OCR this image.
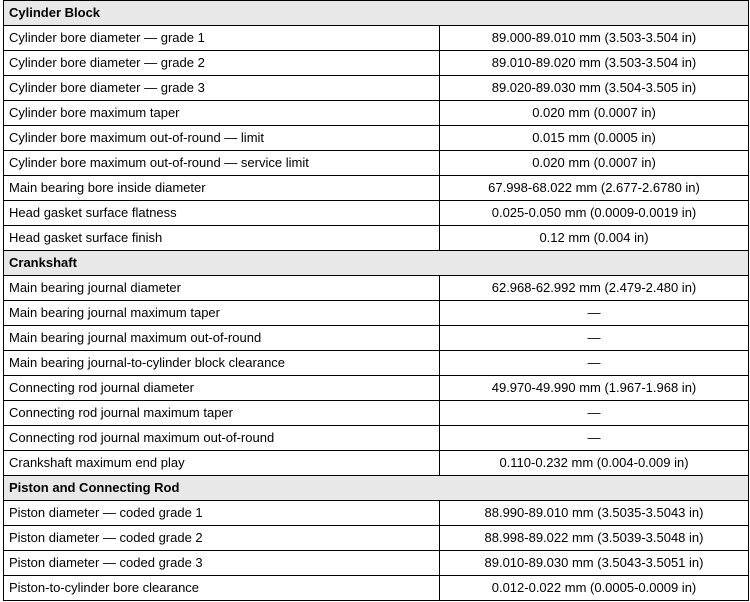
Cylinder Block	
Cylinder bore diameter — grade 1	89.000-89.010 mm (3.503-3.504 in)
Cylinder bore diameter — grade 2	89.010-89.020 mm (3.503-3.504 in)
Cylinder bore diameter — grade 3	89.020-89.030 mm (3.504-3.505 in)
Cylinder bore maximum taper	0.020 mm (0.0007 in)
Cylinder bore maximum out-of-round — limit	0.015 mm (0.0005 in)
Cylinder bore maximum out-of-round — service limit	0.020 mm (0.0007 in)
Main bearing bore inside diameter	67.998-68.022 mm (2.677-2.6780 in)
Head gasket surface flatness	0.025-0.050 mm (0.0009-0.0019 in)
Head gasket surface finish	0.12 mm (0.004 in)
Crankshaft	
Main bearing journal diameter	62.968-62.992 mm (2.479-2.480 in)
Main bearing journal maximum taper	—
Main bearing journal maximum out-of-round	—
Main bearing journal-to-cylinder block clearance	—
Connecting rod journal diameter	49.970-49.990 mm (1.967-1.968 in)
Connecting rod journal maximum taper	—
Connecting rod journal maximum out-of-round	—
Crankshaft maximum end play	0.110-0.232 mm (0.004-0.009 in)
Piston and Connecting Rod	
Piston diameter — coded grade 1	88.990-89.010 mm (3.5035-3.5043 in)
Piston diameter — coded grade 2	88.998-89.022 mm (3.5039-3.5048 in)
Piston diameter — coded grade 3	89.010-89.030 mm (3.5043-3.5051 in)
Piston-to-cylinder bore clearance	0.012-0.022 mm (0.0005-0.0009 in)
